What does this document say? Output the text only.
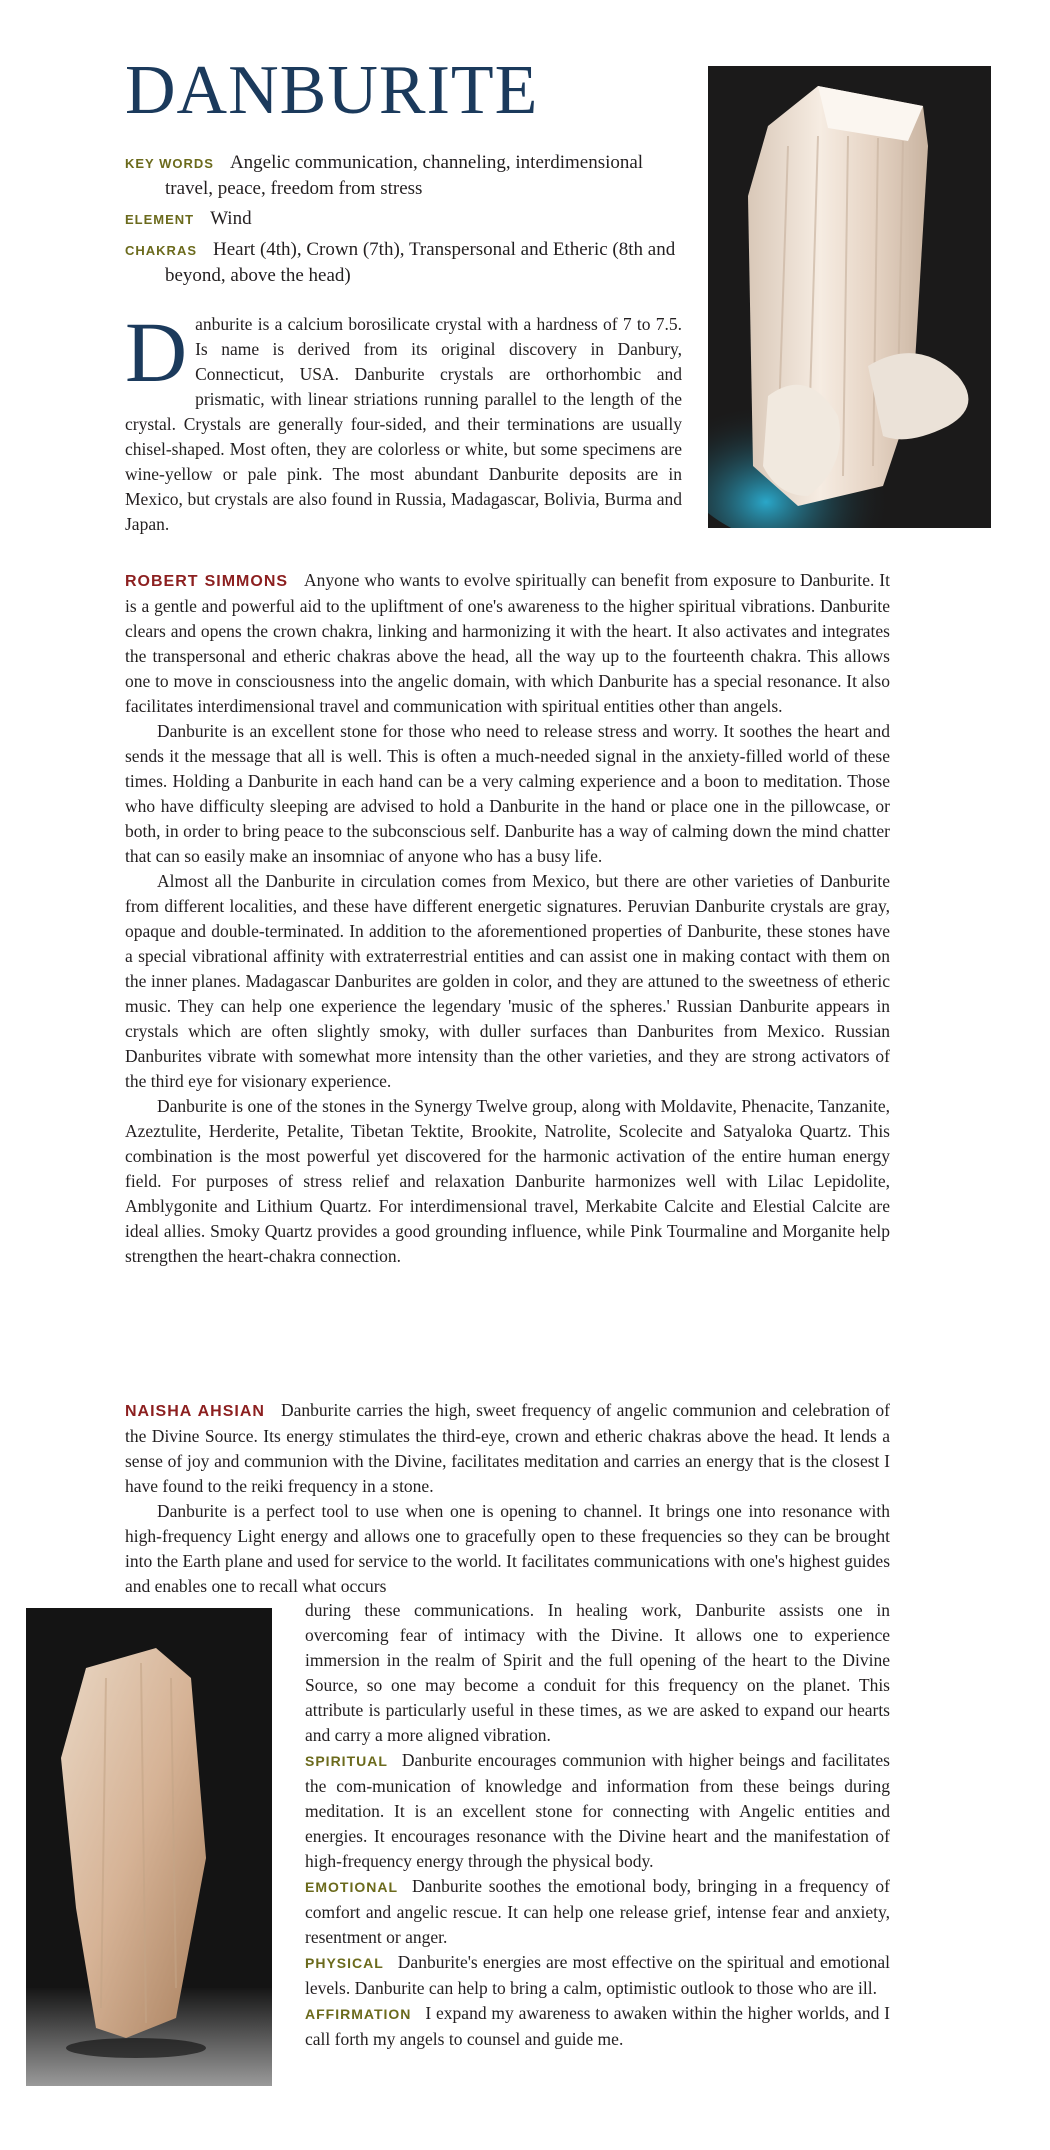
DANBURITE

KEY WORDS Angelic communication, channeling, interdimensional travel, peace, freedom from stress

ELEMENT Wind

CHAKRAS Heart (4th), Crown (7th), Transpersonal and Etheric (8th and beyond, above the head)

Danburite is a calcium borosilicate crystal with a hardness of 7 to 7.5. Is name is derived from its original discovery in Danbury, Connecticut, USA. Danburite crystals are orthorhombic and prismatic, with linear striations running parallel to the length of the crystal. Crystals are generally four-sided, and their terminations are usually chisel-shaped. Most often, they are colorless or white, but some specimens are wine-yellow or pale pink. The most abundant Danburite deposits are in Mexico, but crystals are also found in Russia, Madagascar, Bolivia, Burma and Japan.

ROBERT SIMMONS Anyone who wants to evolve spiritually can benefit from exposure to Danburite. It is a gentle and powerful aid to the upliftment of one's awareness to the higher spiritual vibrations. Danburite clears and opens the crown chakra, linking and harmonizing it with the heart. It also activates and integrates the transpersonal and etheric chakras above the head, all the way up to the fourteenth chakra. This allows one to move in consciousness into the angelic domain, with which Danburite has a special resonance. It also facilitates interdimensional travel and communication with spiritual entities other than angels.

Danburite is an excellent stone for those who need to release stress and worry. It soothes the heart and sends it the message that all is well. This is often a much-needed signal in the anxiety-filled world of these times. Holding a Danburite in each hand can be a very calming experience and a boon to meditation. Those who have difficulty sleeping are advised to hold a Danburite in the hand or place one in the pillowcase, or both, in order to bring peace to the subconscious self. Danburite has a way of calming down the mind chatter that can so easily make an insomniac of anyone who has a busy life.

Almost all the Danburite in circulation comes from Mexico, but there are other varieties of Danburite from different localities, and these have different energetic signatures. Peruvian Danburite crystals are gray, opaque and double-terminated. In addition to the aforementioned properties of Danburite, these stones have a special vibrational affinity with extraterrestrial entities and can assist one in making contact with them on the inner planes. Madagascar Danburites are golden in color, and they are attuned to the sweetness of etheric music. They can help one experience the legendary 'music of the spheres.' Russian Danburite appears in crystals which are often slightly smoky, with duller surfaces than Danburites from Mexico. Russian Danburites vibrate with somewhat more intensity than the other varieties, and they are strong activators of the third eye for visionary experience.

Danburite is one of the stones in the Synergy Twelve group, along with Moldavite, Phenacite, Tanzanite, Azeztulite, Herderite, Petalite, Tibetan Tektite, Brookite, Natrolite, Scolecite and Satyaloka Quartz. This combination is the most powerful yet discovered for the harmonic activation of the entire human energy field. For purposes of stress relief and relaxation Danburite harmonizes well with Lilac Lepidolite, Amblygonite and Lithium Quartz. For interdimensional travel, Merkabite Calcite and Elestial Calcite are ideal allies. Smoky Quartz provides a good grounding influence, while Pink Tourmaline and Morganite help strengthen the heart-chakra connection.

NAISHA AHSIAN Danburite carries the high, sweet frequency of angelic communion and celebration of the Divine Source. Its energy stimulates the third-eye, crown and etheric chakras above the head. It lends a sense of joy and communion with the Divine, facilitates meditation and carries an energy that is the closest I have found to the reiki frequency in a stone.

Danburite is a perfect tool to use when one is opening to channel. It brings one into resonance with high-frequency Light energy and allows one to gracefully open to these frequencies so they can be brought into the Earth plane and used for service to the world. It facilitates communications with one's highest guides and enables one to recall what occurs

during these communications. In healing work, Danburite assists one in overcoming fear of intimacy with the Divine. It allows one to experience immersion in the realm of Spirit and the full opening of the heart to the Divine Source, so one may become a conduit for this frequency on the planet. This attribute is particularly useful in these times, as we are asked to expand our hearts and carry a more aligned vibration.

SPIRITUAL Danburite encourages communion with higher beings and facilitates the com-munication of knowledge and information from these beings during meditation. It is an excellent stone for connecting with Angelic entities and energies. It encourages resonance with the Divine heart and the manifestation of high-frequency energy through the physical body.

EMOTIONAL Danburite soothes the emotional body, bringing in a frequency of comfort and angelic rescue. It can help one release grief, intense fear and anxiety, resentment or anger.

PHYSICAL Danburite's energies are most effective on the spiritual and emotional levels. Danburite can help to bring a calm, optimistic outlook to those who are ill.

AFFIRMATION I expand my awareness to awaken within the higher worlds, and I call forth my angels to counsel and guide me.
